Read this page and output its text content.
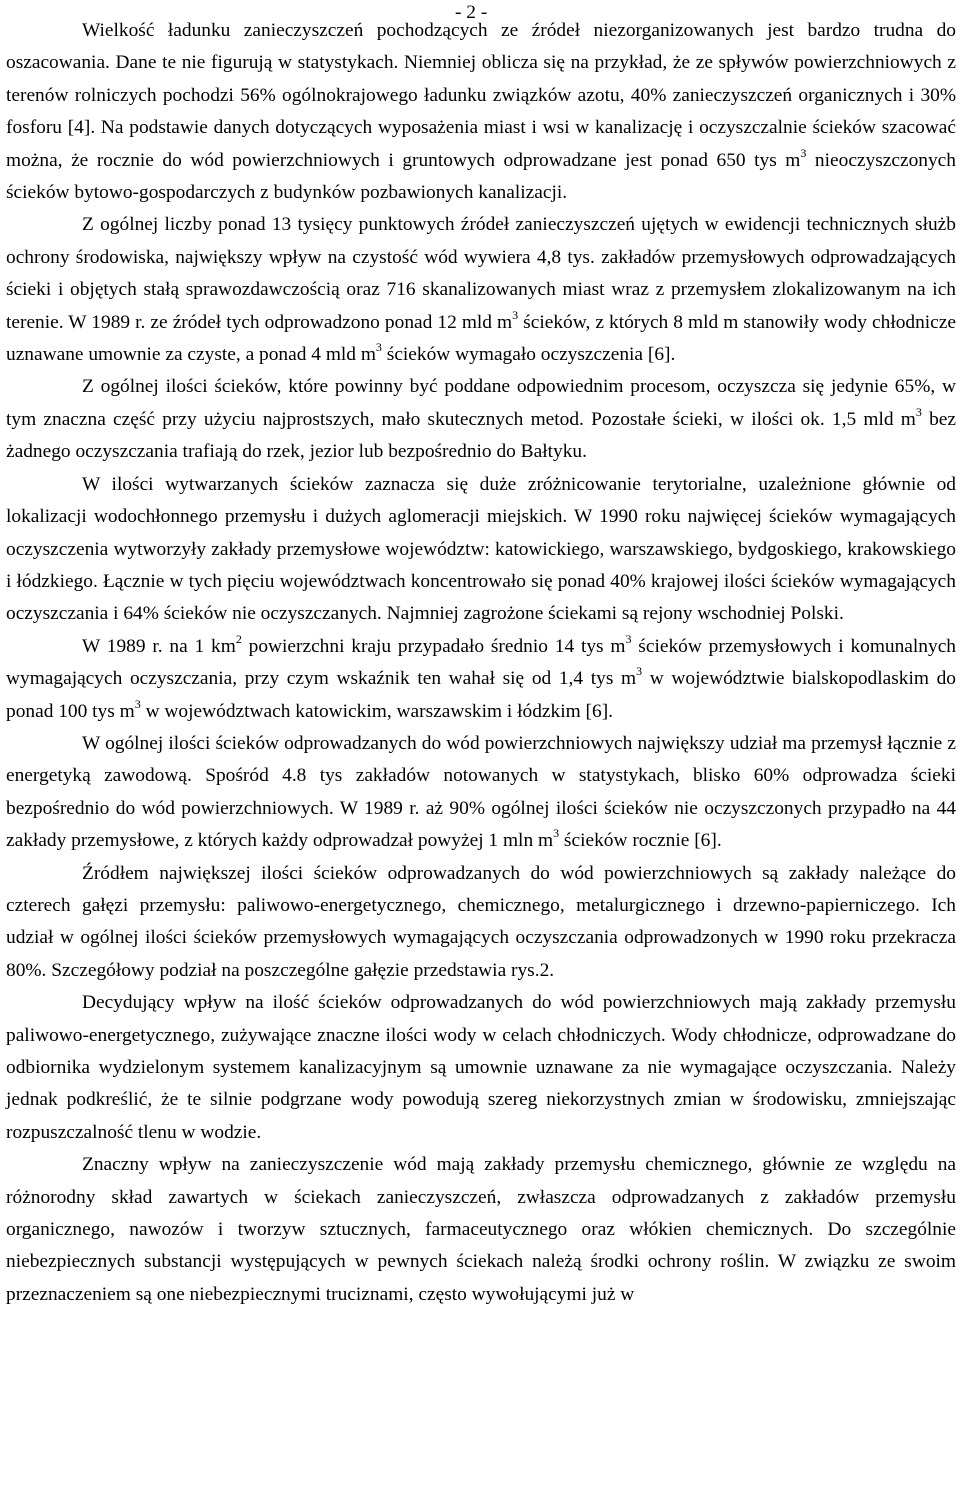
- 2 -

Wielkość ładunku zanieczyszczeń pochodzących ze źródeł niezorganizowanych jest bardzo trudna do oszacowania. Dane te nie figurują w statystykach. Niemniej oblicza się na przykład, że ze spływów powierzchniowych z terenów rolniczych pochodzi 56% ogólnokrajowego ładunku związków azotu, 40% zanieczyszczeń organicznych i 30% fosforu [4]. Na podstawie danych dotyczących wyposażenia miast i wsi w kanalizację i oczyszczalnie ścieków szacować można, że rocznie do wód powierzchniowych i gruntowych odprowadzane jest ponad 650 tys $m^3$ nieoczyszczonych ścieków bytowo-gospodarczych z budynków pozbawionych kanalizacji.

Z ogólnej liczby ponad 13 tysięcy punktowych źródeł zanieczyszczeń ujętych w ewidencji technicznych służb ochrony środowiska, największy wpływ na czystość wód wywiera 4,8 tys. zakładów przemysłowych odprowadzających ścieki i objętych stałą sprawozdawczością oraz 716 skanalizowanych miast wraz z przemysłem zlokalizowanym na ich terenie. W 1989 r. ze źródeł tych odprowadzono ponad 12 mld $m^3$ ścieków, z których 8 mld m stanowiły wody chłodnicze uznawane umownie za czyste, a ponad 4 mld $m^3$ ścieków wymagało oczyszczenia [6].

Z ogólnej ilości ścieków, które powinny być poddane odpowiednim procesom, oczyszcza się jedynie 65%, w tym znaczna część przy użyciu najprostszych, mało skutecznych metod. Pozostałe ścieki, w ilości ok. 1,5 mld $m^3$ bez żadnego oczyszczania trafiają do rzek, jezior lub bezpośrednio do Bałtyku.

W ilości wytwarzanych ścieków zaznacza się duże zróżnicowanie terytorialne, uzależnione głównie od lokalizacji wodochłonnego przemysłu i dużych aglomeracji miejskich. W 1990 roku najwięcej ścieków wymagających oczyszczenia wytworzyły zakłady przemysłowe województw: katowickiego, warszawskiego, bydgoskiego, krakowskiego i łódzkiego. Łącznie w tych pięciu województwach koncentrowało się ponad 40% krajowej ilości ścieków wymagających oczyszczania i 64% ścieków nie oczyszczanych. Najmniej zagrożone ściekami są rejony wschodniej Polski.

W 1989 r. na 1 $km^2$ powierzchni kraju przypadało średnio 14 tys $m^3$ ścieków przemysłowych i komunalnych wymagających oczyszczania, przy czym wskaźnik ten wahał się od 1,4 tys $m^3$ w województwie bialskopodlaskim do ponad 100 tys $m^3$ w województwach katowickim, warszawskim i łódzkim [6].

W ogólnej ilości ścieków odprowadzanych do wód powierzchniowych największy udział ma przemysł łącznie z energetyką zawodową. Spośród 4.8 tys zakładów notowanych w statystykach, blisko 60% odprowadza ścieki bezpośrednio do wód powierzchniowych. W 1989 r. aż 90% ogólnej ilości ścieków nie oczyszczonych przypadło na 44 zakłady przemysłowe, z których każdy odprowadzał powyżej 1 mln $m^3$ ścieków rocznie [6].

Źródłem największej ilości ścieków odprowadzanych do wód powierzchniowych są zakłady należące do czterech gałęzi przemysłu: paliwowo-energetycznego, chemicznego, metalurgicznego i drzewno-papierniczego. Ich udział w ogólnej ilości ścieków przemysłowych wymagających oczyszczania odprowadzonych w 1990 roku przekracza 80%. Szczegółowy podział na poszczególne gałęzie przedstawia rys.2.

Decydujący wpływ na ilość ścieków odprowadzanych do wód powierzchniowych mają zakłady przemysłu paliwowo-energetycznego, zużywające znaczne ilości wody w celach chłodniczych. Wody chłodnicze, odprowadzane do odbiornika wydzielonym systemem kanalizacyjnym są umownie uznawane za nie wymagające oczyszczania. Należy jednak podkreślić, że te silnie podgrzane wody powodują szereg niekorzystnych zmian w środowisku, zmniejszając rozpuszczalność tlenu w wodzie.

Znaczny wpływ na zanieczyszczenie wód mają zakłady przemysłu chemicznego, głównie ze względu na różnorodny skład zawartych w ściekach zanieczyszczeń, zwłaszcza odprowadzanych z zakładów przemysłu organicznego, nawozów i tworzyw sztucznych, farmaceutycznego oraz włókien chemicznych. Do szczególnie niebezpiecznych substancji występujących w pewnych ściekach należą środki ochrony roślin. W związku ze swoim przeznaczeniem są one niebezpiecznymi truciznami, często wywołującymi już w
